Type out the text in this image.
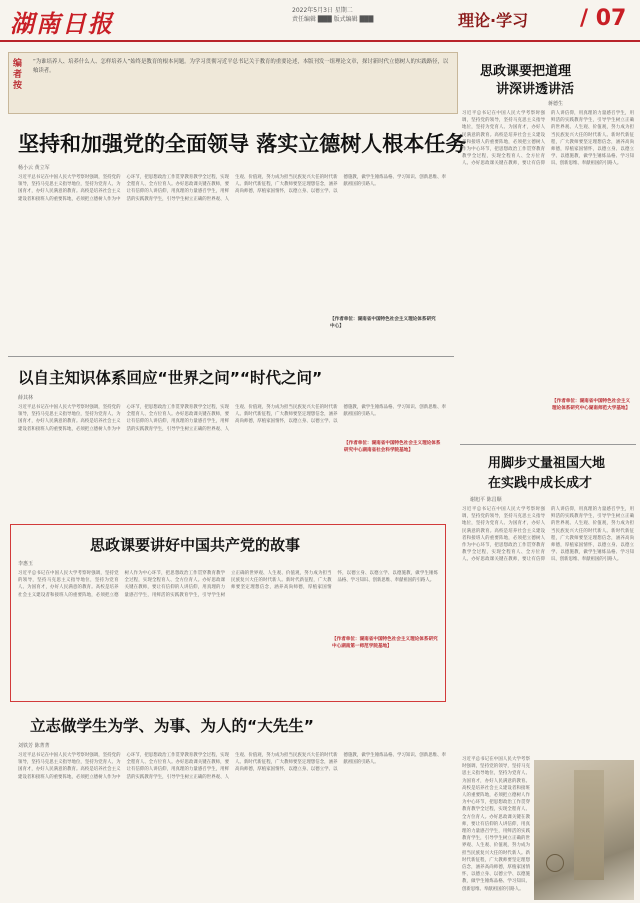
湖南日报	2022年5月3日 星期二
责任编辑 ███ 版式编辑 ███	理论·学习 / 07
编者按
“为谁培养人、培养什么人、怎样培养人”始终是教育的根本问题。为学习贯彻习近平总书记关于教育的重要论述，本版刊发一组理论文章，探讨新时代立德树人的实践路径，以飨读者。
坚持和加强党的全面领导 落实立德树人根本任务
杨小云 黄立军
习近平总书记在中国人民大学考察时强调，坚持党的领导，坚持马克思主义指导地位，坚持为党育人、为国育才，办好人民满意的教育。高校是培养社会主义建设者和接班人的重要阵地，必须把立德树人作为中心环节，把思想政治工作贯穿教育教学全过程，实现全程育人、全方位育人。办好思政课关键在教师，要让有信仰的人讲信仰，用真理的力量感召学生，用鲜活的实践教育学生，引导学生树立正确的世界观、人生观、价值观，努力成为担当民族复兴大任的时代新人。新时代新征程，广大教师要坚定理想信念，涵养高尚师德，厚植家国情怀，以德立身、以德立学、以德施教，做学生锤炼品格、学习知识、创新思维、奉献祖国的引路人。
【作者单位：湖南省中国特色社会主义理论体系研究中心】
思政课要把道理
讲深讲透讲活
蒋德生
习近平总书记在中国人民大学考察时强调，坚持党的领导，坚持马克思主义指导地位，坚持为党育人、为国育才，办好人民满意的教育。高校是培养社会主义建设者和接班人的重要阵地，必须把立德树人作为中心环节，把思想政治工作贯穿教育教学全过程，实现全程育人、全方位育人。办好思政课关键在教师，要让有信仰的人讲信仰，用真理的力量感召学生，用鲜活的实践教育学生，引导学生树立正确的世界观、人生观、价值观，努力成为担当民族复兴大任的时代新人。新时代新征程，广大教师要坚定理想信念，涵养高尚师德，厚植家国情怀，以德立身、以德立学、以德施教，做学生锤炼品格、学习知识、创新思维、奉献祖国的引路人。
【作者单位：湖南省中国特色社会主义理论体系研究中心湖南师范大学基地】
以自主知识体系回应“世界之问”“时代之问”
薛其林
习近平总书记在中国人民大学考察时强调，坚持党的领导，坚持马克思主义指导地位，坚持为党育人、为国育才，办好人民满意的教育。高校是培养社会主义建设者和接班人的重要阵地，必须把立德树人作为中心环节，把思想政治工作贯穿教育教学全过程，实现全程育人、全方位育人。办好思政课关键在教师，要让有信仰的人讲信仰，用真理的力量感召学生，用鲜活的实践教育学生，引导学生树立正确的世界观、人生观、价值观，努力成为担当民族复兴大任的时代新人。新时代新征程，广大教师要坚定理想信念，涵养高尚师德，厚植家国情怀，以德立身、以德立学、以德施教，做学生锤炼品格、学习知识、创新思维、奉献祖国的引路人。
【作者单位：湖南省中国特色社会主义理论体系研究中心湖南省社会科学院基地】
用脚步丈量祖国大地
在实践中成长成才
谢旭平 陈昌顺
习近平总书记在中国人民大学考察时强调，坚持党的领导，坚持马克思主义指导地位，坚持为党育人、为国育才，办好人民满意的教育。高校是培养社会主义建设者和接班人的重要阵地，必须把立德树人作为中心环节，把思想政治工作贯穿教育教学全过程，实现全程育人、全方位育人。办好思政课关键在教师，要让有信仰的人讲信仰，用真理的力量感召学生，用鲜活的实践教育学生，引导学生树立正确的世界观、人生观、价值观，努力成为担当民族复兴大任的时代新人。新时代新征程，广大教师要坚定理想信念，涵养高尚师德，厚植家国情怀，以德立身、以德立学、以德施教，做学生锤炼品格、学习知识、创新思维、奉献祖国的引路人。
习近平总书记在中国人民大学考察时强调，坚持党的领导，坚持马克思主义指导地位，坚持为党育人、为国育才，办好人民满意的教育。高校是培养社会主义建设者和接班人的重要阵地，必须把立德树人作为中心环节，把思想政治工作贯穿教育教学全过程，实现全程育人、全方位育人。办好思政课关键在教师，要让有信仰的人讲信仰，用真理的力量感召学生，用鲜活的实践教育学生，引导学生树立正确的世界观、人生观、价值观，努力成为担当民族复兴大任的时代新人。新时代新征程，广大教师要坚定理想信念，涵养高尚师德，厚植家国情怀，以德立身、以德立学、以德施教，做学生锤炼品格、学习知识、创新思维、奉献祖国的引路人。
思政课要讲好中国共产党的故事
李惠玉
习近平总书记在中国人民大学考察时强调，坚持党的领导，坚持马克思主义指导地位，坚持为党育人、为国育才，办好人民满意的教育。高校是培养社会主义建设者和接班人的重要阵地，必须把立德树人作为中心环节，把思想政治工作贯穿教育教学全过程，实现全程育人、全方位育人。办好思政课关键在教师，要让有信仰的人讲信仰，用真理的力量感召学生，用鲜活的实践教育学生，引导学生树立正确的世界观、人生观、价值观，努力成为担当民族复兴大任的时代新人。新时代新征程，广大教师要坚定理想信念，涵养高尚师德，厚植家国情怀，以德立身、以德立学、以德施教，做学生锤炼品格、学习知识、创新思维、奉献祖国的引路人。
【作者单位：湖南省中国特色社会主义理论体系研究中心湖南第一师范学院基地】
立志做学生为学、为事、为人的“大先生”
刘铁芳 陈菁菁
习近平总书记在中国人民大学考察时强调，坚持党的领导，坚持马克思主义指导地位，坚持为党育人、为国育才，办好人民满意的教育。高校是培养社会主义建设者和接班人的重要阵地，必须把立德树人作为中心环节，把思想政治工作贯穿教育教学全过程，实现全程育人、全方位育人。办好思政课关键在教师，要让有信仰的人讲信仰，用真理的力量感召学生，用鲜活的实践教育学生，引导学生树立正确的世界观、人生观、价值观，努力成为担当民族复兴大任的时代新人。新时代新征程，广大教师要坚定理想信念，涵养高尚师德，厚植家国情怀，以德立身、以德立学、以德施教，做学生锤炼品格、学习知识、创新思维、奉献祖国的引路人。
